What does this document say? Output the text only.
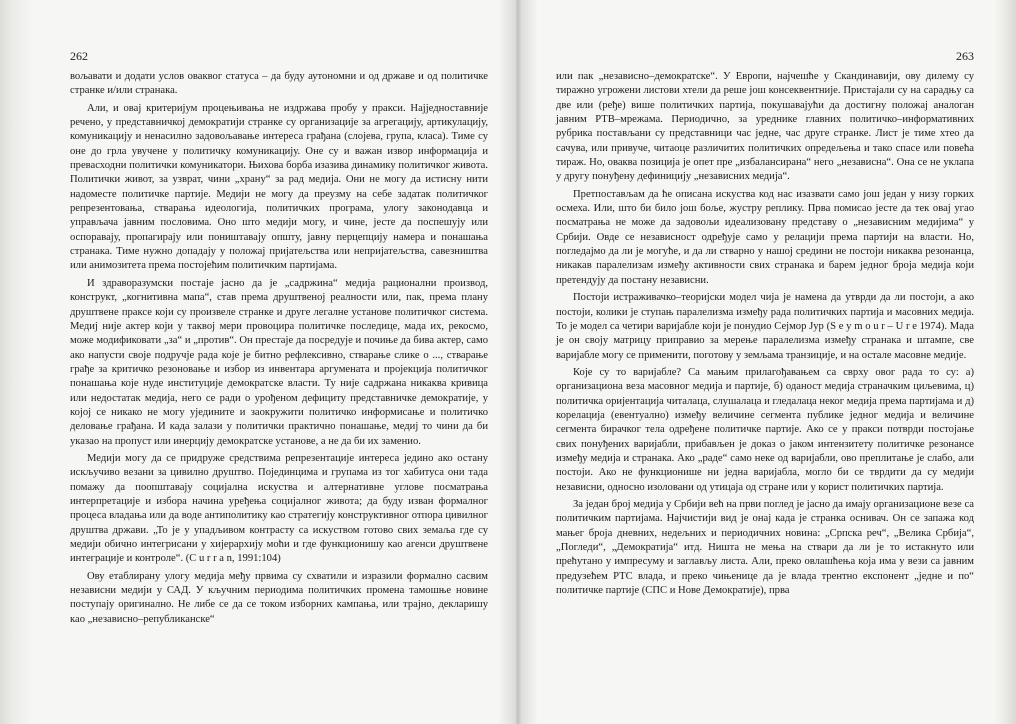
262

вољавати и додати услов оваквог статуса – да буду аутономни и од државе и од политичке странке и/или странака.

Али, и овај критеријум процењивања не издржава пробу у пракси. Најједноставније речено, у представничкој демократији странке су организације за агрегацију, артикулацију, комуникацију и ненасилно задовољавање интереса грађана (слојева, група, класа). Тиме су оне до грла увучене у политичку комуникацију. Оне су и важан извор информација и превасходни политички комуникатори. Њихова борба изазива динамику политичког живота. Политички живот, за узврат, чини „храну“ за рад медија. Они не могу да истисну нити надоместе политичке партије. Медији не могу да преузму на себе задатак политичког репрезентовања, стварања идеологија, политичких програма, улогу законодавца и управљача јавним пословима. Оно што медији могу, и чине, јесте да поспешују или оспоравају, пропагирају или поништавају општу, јавну перцепцију намера и понашања странака. Тиме нужно допадају у положај пријатељства или непријатељства, савезништва или анимозитета према постојећим политичким партијама.

И здраворазумски постаје јасно да је „садржина“ медија рационални производ, конструкт, „когнитивна мапа“, став према друштвеној реалности или, пак, према плану друштвене праксе који су произвеле странке и друге легалне установе политичког система. Медиј није актер који у таквој мери провоцира политичке последице, мада их, рекосмо, може модификовати „за“ и „против“. Он престаје да посредује и почиње да бива актер, само ако напусти своје подручје рада које је битно рефлексивно, стварање слике о ..., стварање грађе за критичко резоновање и избор из инвентара аргумената и пројекција политичког понашања које нуде институције демократске власти. Ту није садржана никаква кривица или недостатак медија, него се ради о урођеном дефициту представничке демократије, у којој се никако не могу уједините и заокружити политичко информисање и политичко деловање грађана. И када залази у политички практично понашање, медиј то чини да би указао на пропуст или инерцију демократске установе, а не да би их заменио.

Медији могу да се придруже средствима репрезентације интереса једино ако остану искључиво везани за цивилно друштво. Појединцима и групама из тог хабитуса они тада помажу да поопштавају социјална искуства и алтернативне углове посматрања интерпретације и избора начина уређења социјалног живота; да буду изван формалног процеса владања или да воде антиполитику као стратегију конструктивног отпора цивилног друштва држави. „То је у упадљивом контрасту са искуством готово свих земаља где су медији обично интегрисани у хијерархију моћи и где функционишу као агенси друштвене интеграције и контроле“. (C u r r a n, 1991:104)

Ову етаблирану улогу медија међу првима су схватили и изразили формално сасвим независни медији у САД. У кључним периодима политичких промена тамошње новине поступају оригинално. Не либе се да се током изборних кампања, или трајно, декларишу као „независно–републиканске“

263

или пак „независно–демократске“. У Европи, најчешће у Скандинавији, ову дилему су тиражно угрожени листови хтели да реше још консеквентније. Пристајали су на сарадњу са две или (ређе) више политичких партија, покушавајући да достигну положај аналоган јавним РТВ–мрежама. Периодично, за уреднике главних политичко–информативних рубрика постављани су представници час једне, час друге странке. Лист је тиме хтео да сачува, или привуче, читаоце различитих политичких опредељења и тако спасе или повећа тираж. Но, оваква позиција је опет пре „избалансирана“ него „независна“. Она се не уклапа у другу понуђену дефиницију „независних медија“.

Претпостављам да ће описана искуства код нас изазвати само још један у низу горких осмеха. Или, што би било још боље, жустру реплику. Прва помисао јесте да тек овај угао посматрања не може да задовољи идеализовану представу о „независним медијима“ у Србији. Овде се независност одређује само у релацији према партији на власти. Но, погледајмо да ли је могуће, и да ли стварно у нашој средини не постоји никаква резонанца, никакав паралелизам између активности свих странака и барем једног броја медија који претендују да постану независни.

Постоји истраживачко–теоријски модел чија је намена да утврди да ли постоји, а ако постоји, колики је ступањ паралелизма између рада политичких партија и масовних медија. То је модел са четири варијабле који је понудио Сејмор Јур (S e y m o u r – U r e 1974). Мада је он своју матрицу приправио за мерење паралелизма између странака и штампе, све варијабле могу се применити, поготову у земљама транзиције, и на остале масовне медије.

Које су то варијабле? Са мањим прилагођавањем са сврху овог рада то су: а) организациона веза масовног медија и партије, б) оданост медија страначким циљевима, ц) политичка оријентација читалаца, слушалаца и гледалаца неког медија према партијама и д) корелација (евентуално) између величине сегмента публике једног медија и величине сегмента бирачког тела одређене политичке партије. Ако се у пракси потврди постојање свих понуђених варијабли, прибављен је доказ о јаком интензитету политичке резонансе између медија и странака. Ако „раде“ само неке од варијабли, ово преплитање је слабо, али постоји. Ако не функционише ни једна варијабла, могло би се тврдити да су медији независни, односно изоловани од утицаја од стране или у корист политичких партија.

За један број медија у Србији већ на први поглед је јасно да имају организационе везе са политичким партијама. Најчистији вид је онај када је странка оснивач. Он се запажа код мањег броја дневних, недељних и периодичних новина: „Српска реч“, „Велика Србија“, „Погледи“, „Демократија“ итд. Ништа не мења на ствари да ли је то истакнуто или прећутано у импресуму и заглављу листа. Али, преко овлашћења која има у вези са јавним предузећем РТС влада, и преко чињенице да је влада трентно експонент „једне и по“ политичке партије (СПС и Нове Демократије), прва
